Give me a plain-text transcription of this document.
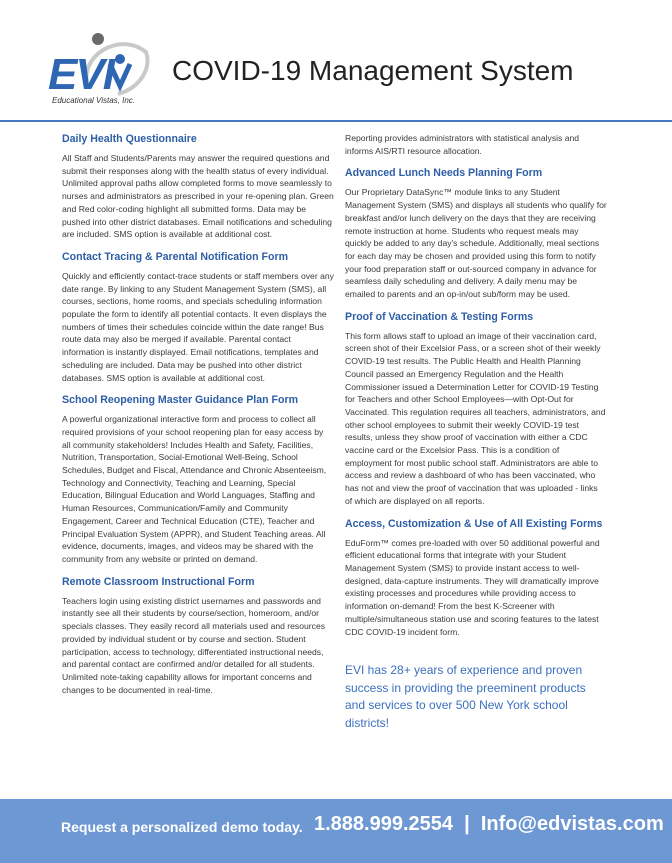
EVI
Educational Vistas, Inc.
COVID-19 Management System
Daily Health Questionnaire

All Staff and Students/Parents may answer the required questions and submit their responses along with the health status of every individual. Unlimited approval paths allow completed forms to move seamlessly to nurses and administrators as prescribed in your re-opening plan. Green and Red color-coding highlight all submitted forms. Data may be pushed into other district databases. Email notifications and scheduling are included. SMS option is available at additional cost.

Contact Tracing & Parental Notification Form

Quickly and efficiently contact-trace students or staff members over any date range. By linking to any Student Management System (SMS), all courses, sections, home rooms, and specials scheduling information populate the form to identify all potential contacts. It even displays the numbers of times their schedules coincide within the date range! Bus route data may also be merged if available. Parental contact information is instantly displayed. Email notifications, templates and scheduling are included. Data may be pushed into other district databases. SMS option is available at additional cost.

School Reopening Master Guidance Plan Form

A powerful organizational interactive form and process to collect all required provisions of your school reopening plan for easy access by all community stakeholders! Includes Health and Safety, Facilities, Nutrition, Transportation, Social-Emotional Well-Being, School Schedules, Budget and Fiscal, Attendance and Chronic Absenteeism, Technology and Connectivity, Teaching and Learning, Special Education, Bilingual Education and World Languages, Staffing and Human Resources, Communication/Family and Community Engagement, Career and Technical Education (CTE), Teacher and Principal Evaluation System (APPR), and Student Teaching areas. All evidence, documents, images, and videos may be shared with the community from any website or printed on demand.

Remote Classroom Instructional Form

Teachers login using existing district usernames and passwords and instantly see all their students by course/section, homeroom, and/or specials classes. They easily record all materials used and resources provided by individual student or by course and section. Student participation, access to technology, differentiated instructional needs, and parental contact are confirmed and/or detailed for all students. Unlimited note-taking capability allows for important concerns and changes to be documented in real-time.

Reporting provides administrators with statistical analysis and informs AIS/RTI resource allocation.

Advanced Lunch Needs Planning Form

Our Proprietary DataSync™ module links to any Student Management System (SMS) and displays all students who qualify for breakfast and/or lunch delivery on the days that they are receiving remote instruction at home. Students who request meals may quickly be added to any day's schedule. Additionally, meal sections for each day may be chosen and provided using this form to notify your food preparation staff or out-sourced company in advance for seamless daily scheduling and delivery. A daily menu may be emailed to parents and an op-in/out sub/form may be used.

Proof of Vaccination & Testing Forms

This form allows staff to upload an image of their vaccination card, screen shot of their Excelsior Pass, or a screen shot of their weekly COVID-19 test results. The Public Health and Health Planning Council passed an Emergency Regulation and the Health Commissioner issued a Determination Letter for COVID-19 Testing for Teachers and other School Employees—with Opt-Out for Vaccinated. This regulation requires all teachers, administrators, and other school employees to submit their weekly COVID-19 test results, unless they show proof of vaccination with either a CDC vaccine card or the Excelsior Pass. This is a condition of employment for most public school staff. Administrators are able to access and review a dashboard of who has been vaccinated, who has not and view the proof of vaccination that was uploaded - links of which are displayed on all reports.

Access, Customization & Use of All Existing Forms

EduForm™ comes pre-loaded with over 50 additional powerful and efficient educational forms that integrate with your Student Management System (SMS) to provide instant access to well-designed, data-capture instruments. They will dramatically improve existing processes and procedures while providing access to information on-demand! From the best K-Screener with multiple/simultaneous station use and scoring features to the latest CDC COVID-19 incident form.

EVI has 28+ years of experience and proven success in providing the preeminent products and services to over 500 New York school districts!
Request a personalized demo today. 1.888.999.2554  |  Info@edvistas.com
